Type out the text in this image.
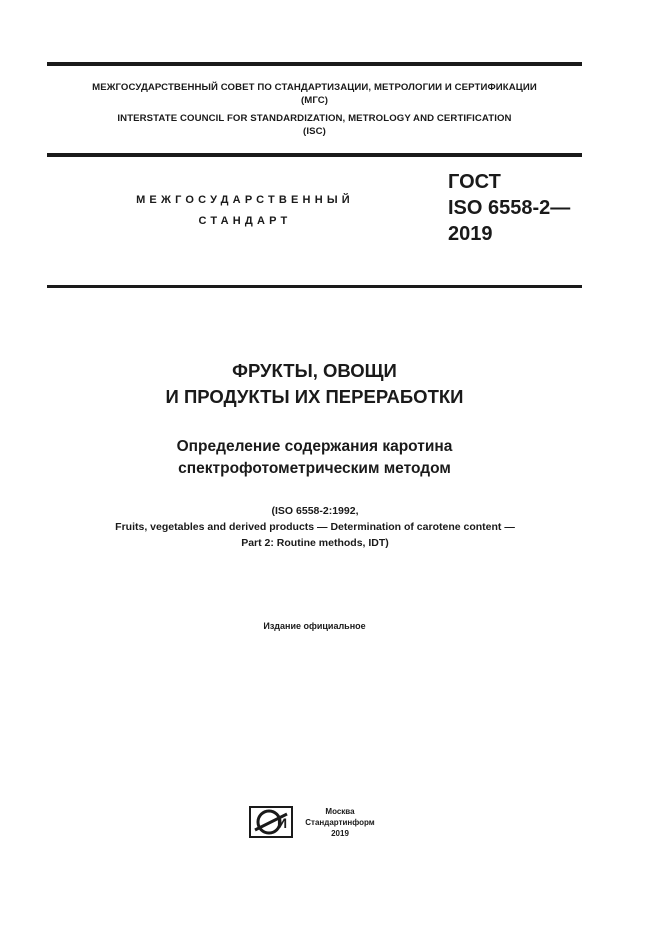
МЕЖГОСУДАРСТВЕННЫЙ СОВЕТ ПО СТАНДАРТИЗАЦИИ, МЕТРОЛОГИИ И СЕРТИФИКАЦИИ
(МГС)
INTERSTATE COUNCIL FOR STANDARDIZATION, METROLOGY AND CERTIFICATION
(ISC)
МЕЖГОСУДАРСТВЕННЫЙ
СТАНДАРТ
ГОСТ
ISO 6558-2—
2019
ФРУКТЫ, ОВОЩИ
И ПРОДУКТЫ ИХ ПЕРЕРАБОТКИ
Определение содержания каротина
спектрофотометрическим методом
(ISO 6558-2:1992,
Fruits, vegetables and derived products — Determination of carotene content —
Part 2: Routine methods, IDT)
Издание официальное
И
Москва
Стандартинформ
2019
